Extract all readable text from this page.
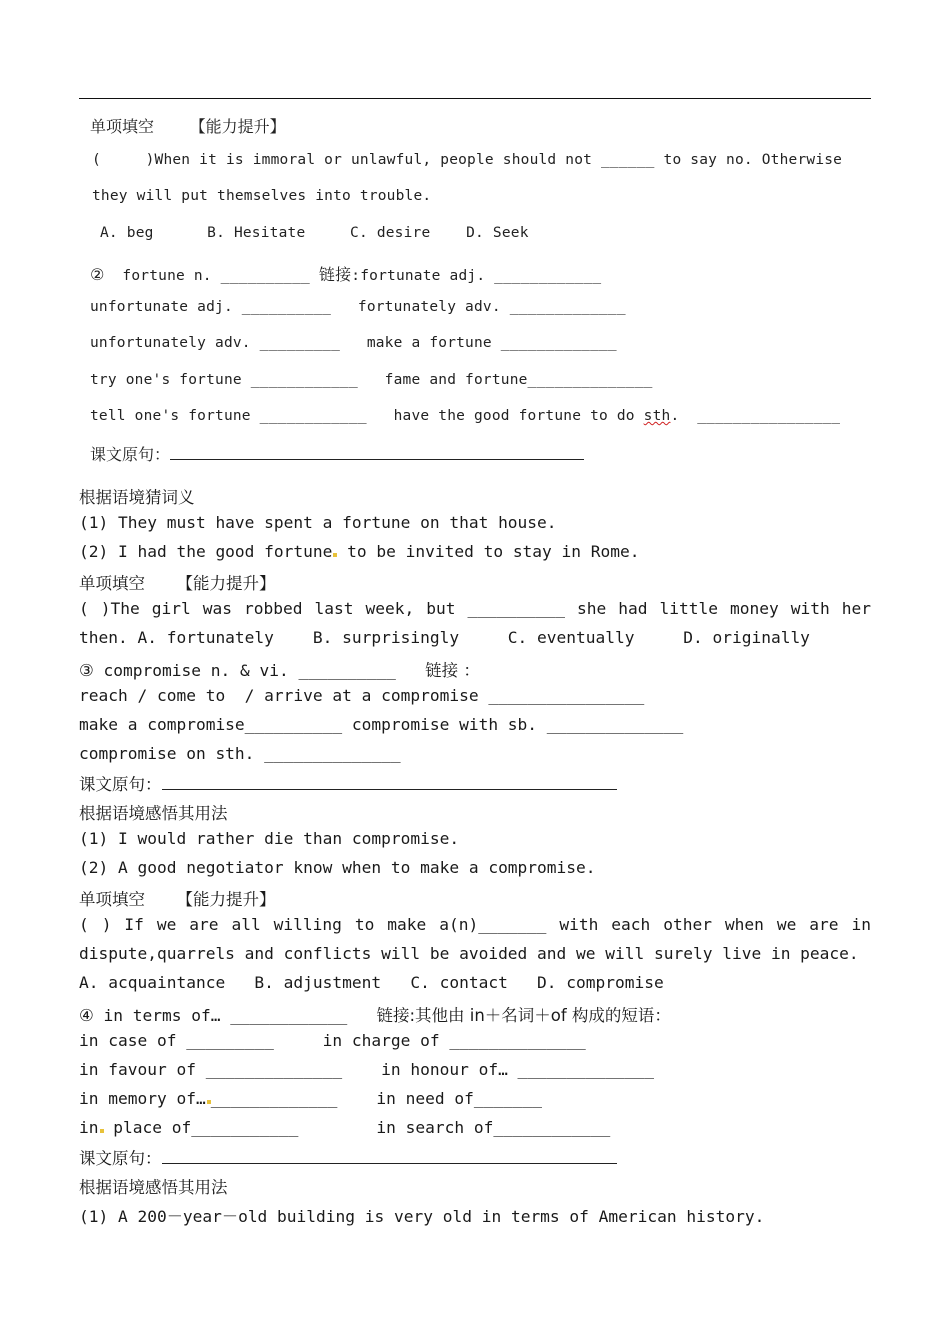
单项填空 【能力提升】
(     )When it is immoral or unlawful, people should not ______ to say no. Otherwise
they will put themselves into trouble.
A. beg      B. Hesitate     C. desire    D. Seek
② fortune n. __________ 链接:fortunate adj. ____________
unfortunate adj. __________   fortunately adv. _____________
unfortunately adv. _________   make a fortune _____________
try one's fortune ____________   fame and fortune______________
tell one's fortune ____________   have the good fortune to do sth.  ________________
课文原句：
根据语境猜词义
(1) They must have spent a fortune on that house.
(2) I had the good fortune to be invited to stay in Rome.
单项填空 【能力提升】
( )The girl was robbed last week, but __________ she had little money with her
then. A. fortunately    B. surprisingly     C. eventually     D. originally
③ compromise n. & vi. __________ 链接 ：
reach / come to  / arrive at a compromise ________________
make a compromise__________ compromise with sb. ______________
compromise on sth. ______________
课文原句：
根据语境感悟其用法
(1) I would rather die than compromise.
(2) A good negotiator know when to make a compromise.
单项填空 【能力提升】
( ) If we are all willing to make a(n)_______ with each other when we are in
dispute,quarrels and conflicts will be avoided and we will surely live in peace.
A. acquaintance   B. adjustment   C. contact   D. compromise
④ in terms of… ____________ 链接:其他由 in＋名词＋of 构成的短语：
in case of _________     in charge of ______________
in favour of ______________    in honour of… ______________
in memory of… _____________    in need of_______
in place of___________        in search of____________
课文原句：
根据语境感悟其用法
(1) A 200－year－old building is very old in terms of American history.
